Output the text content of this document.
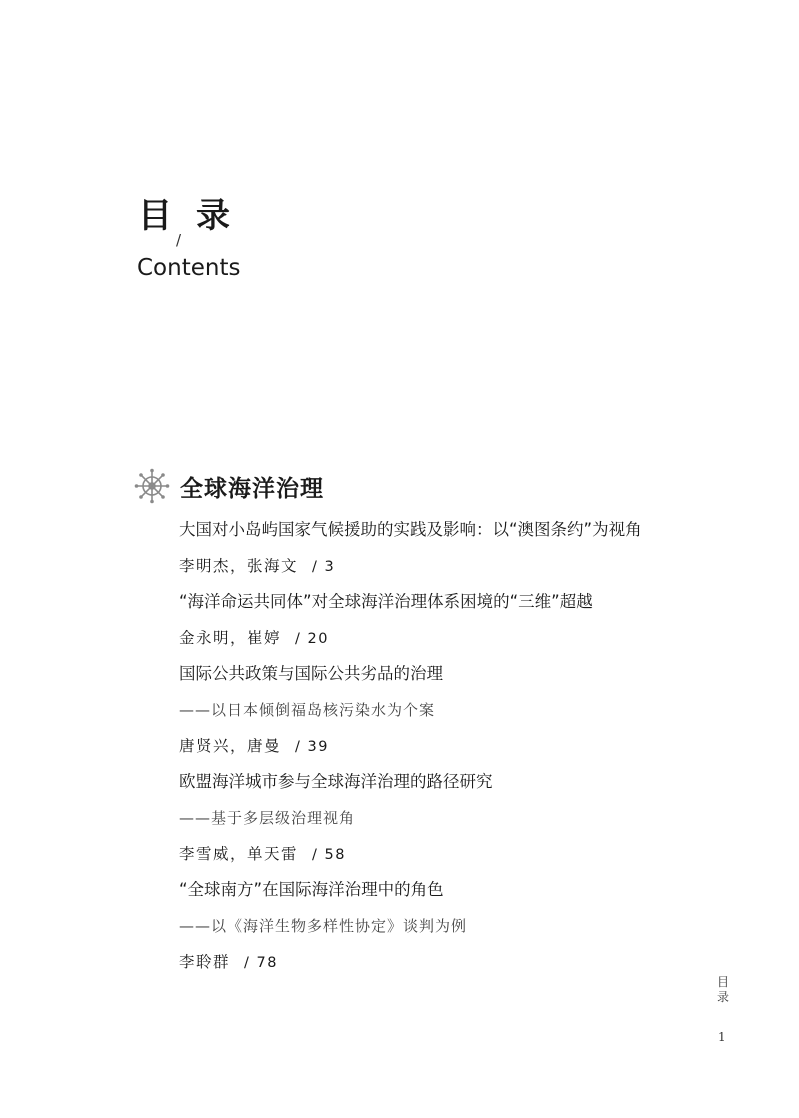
目录
/
Contents
全球海洋治理
大国对小岛屿国家气候援助的实践及影响：以“澳图条约”为视角
李明杰，张海文 / 3
“海洋命运共同体”对全球海洋治理体系困境的“三维”超越
金永明，崔婷 / 20
国际公共政策与国际公共劣品的治理
——以日本倾倒福岛核污染水为个案
唐贤兴，唐曼 / 39
欧盟海洋城市参与全球海洋治理的路径研究
——基于多层级治理视角
李雪威，单天雷 / 58
“全球南方”在国际海洋治理中的角色
——以《海洋生物多样性协定》谈判为例
李聆群 / 78
目录
1
